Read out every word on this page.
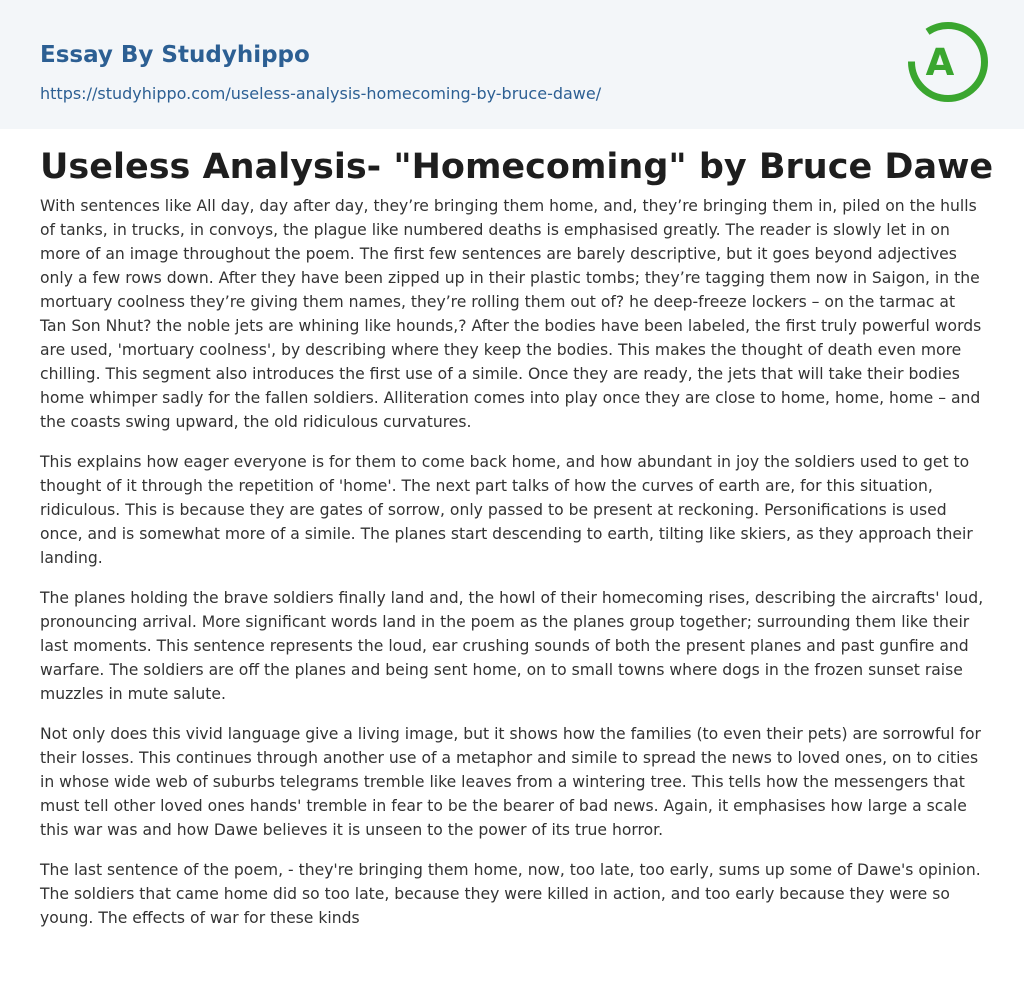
Essay By Studyhippo
https://studyhippo.com/useless-analysis-homecoming-by-bruce-dawe/
A
Useless Analysis- "Homecoming" by Bruce Dawe

With sentences like All day, day after day, they’re bringing them home, and, they’re bringing them in, piled on the hulls of tanks, in trucks, in convoys, the plague like numbered deaths is emphasised greatly. The reader is slowly let in on more of an image throughout the poem. The first few sentences are barely descriptive, but it goes beyond adjectives only a few rows down. After they have been zipped up in their plastic tombs; they’re tagging them now in Saigon, in the mortuary coolness they’re giving them names, they’re rolling them out of? he deep-freeze lockers – on the tarmac at Tan Son Nhut? the noble jets are whining like hounds,? After the bodies have been labeled, the first truly powerful words are used, 'mortuary coolness', by describing where they keep the bodies. This makes the thought of death even more chilling. This segment also introduces the first use of a simile. Once they are ready, the jets that will take their bodies home whimper sadly for the fallen soldiers. Alliteration comes into play once they are close to home, home, home – and the coasts swing upward, the old ridiculous curvatures.

This explains how eager everyone is for them to come back home, and how abundant in joy the soldiers used to get to thought of it through the repetition of 'home'. The next part talks of how the curves of earth are, for this situation, ridiculous. This is because they are gates of sorrow, only passed to be present at reckoning. Personifications is used once, and is somewhat more of a simile. The planes start descending to earth, tilting like skiers, as they approach their landing.

The planes holding the brave soldiers finally land and, the howl of their homecoming rises, describing the aircrafts' loud, pronouncing arrival. More significant words land in the poem as the planes group together; surrounding them like their last moments. This sentence represents the loud, ear crushing sounds of both the present planes and past gunfire and warfare. The soldiers are off the planes and being sent home, on to small towns where dogs in the frozen sunset raise muzzles in mute salute.

Not only does this vivid language give a living image, but it shows how the families (to even their pets) are sorrowful for their losses. This continues through another use of a metaphor and simile to spread the news to loved ones, on to cities in whose wide web of suburbs telegrams tremble like leaves from a wintering tree. This tells how the messengers that must tell other loved ones hands' tremble in fear to be the bearer of bad news. Again, it emphasises how large a scale this war was and how Dawe believes it is unseen to the power of its true horror.

The last sentence of the poem, - they're bringing them home, now, too late, too early, sums up some of Dawe's opinion. The soldiers that came home did so too late, because they were killed in action, and too early because they were so young. The effects of war for these kinds
